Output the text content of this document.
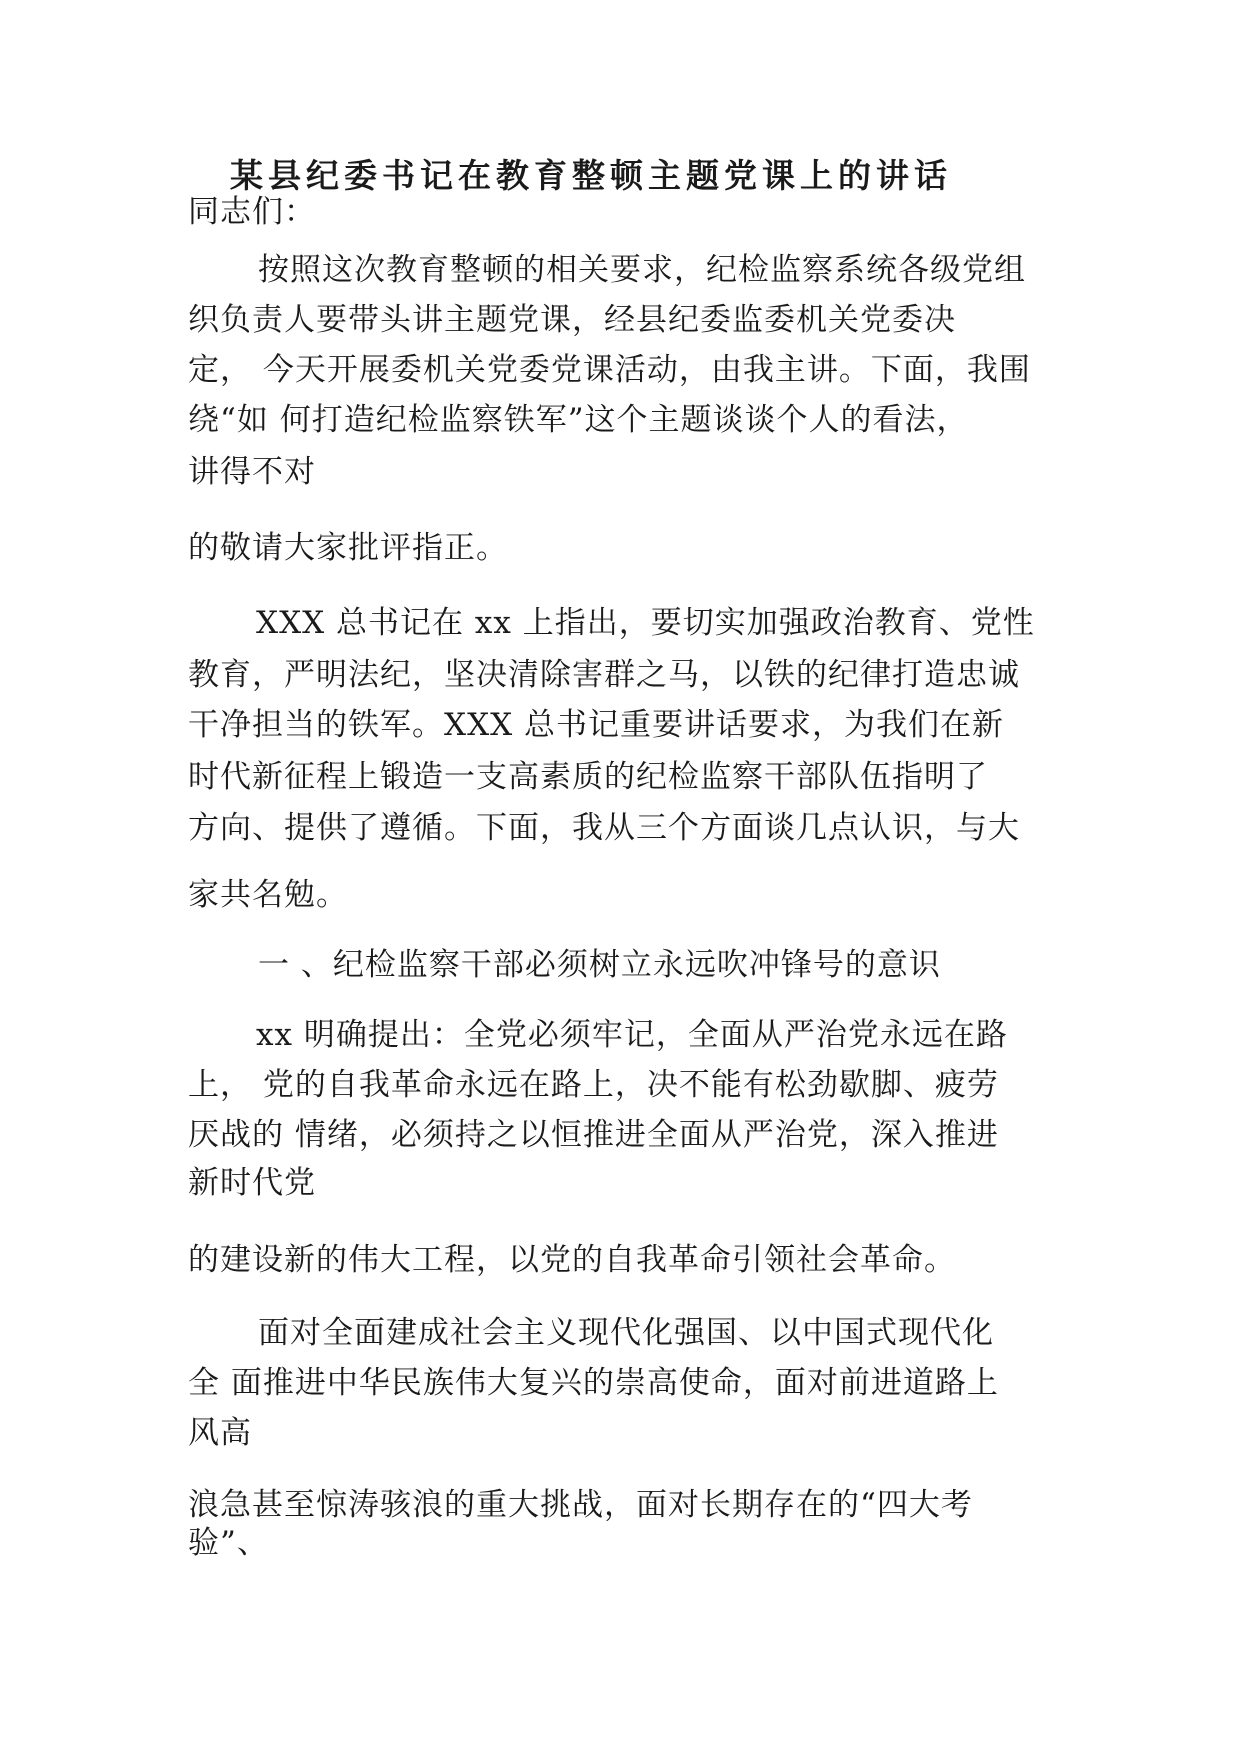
某县纪委书记在教育整顿主题党课上的讲话
同志们：
按照这次教育整顿的相关要求，纪检监察系统各级党组
织负责人要带头讲主题党课，经县纪委监委机关党委决
定， 今天开展委机关党委党课活动，由我主讲。下面，我围
绕“如 何打造纪检监察铁军”这个主题谈谈个人的看法，
讲得不对
的敬请大家批评指正。
XXX 总书记在 xx 上指出，要切实加强政治教育、党性
教育，严明法纪，坚决清除害群之马，以铁的纪律打造忠诚
干净担当的铁军。XXX 总书记重要讲话要求，为我们在新
时代新征程上锻造一支高素质的纪检监察干部队伍指明了
方向、提供了遵循。下面，我从三个方面谈几点认识，与大
家共名勉。
一 、纪检监察干部必须树立永远吹冲锋号的意识
xx 明确提出：全党必须牢记，全面从严治党永远在路
上， 党的自我革命永远在路上，决不能有松劲歇脚、疲劳
厌战的 情绪，必须持之以恒推进全面从严治党，深入推进
新时代党
的建设新的伟大工程，以党的自我革命引领社会革命。
面对全面建成社会主义现代化强国、以中国式现代化
全 面推进中华民族伟大复兴的崇高使命，面对前进道路上
风高
浪急甚至惊涛骇浪的重大挑战，面对长期存在的“四大考
验”、
